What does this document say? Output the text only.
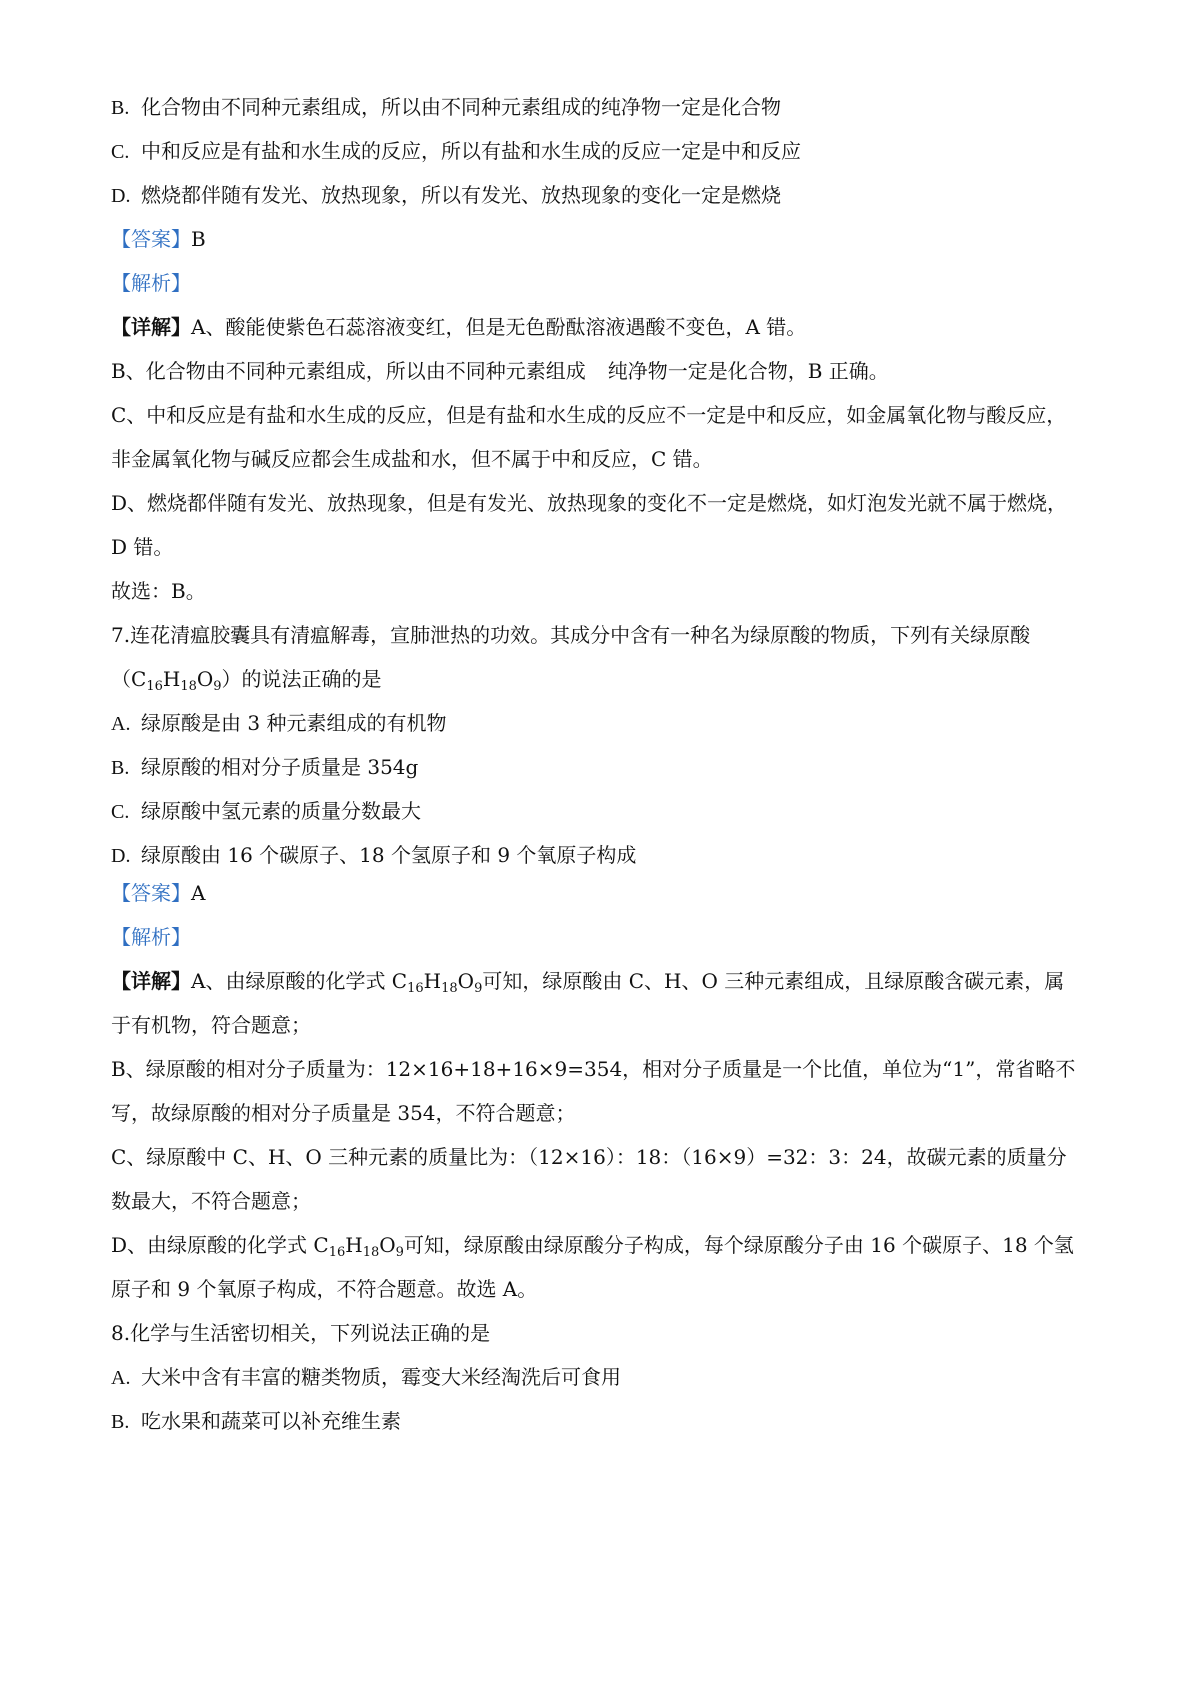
B. 化合物由不同种元素组成，所以由不同种元素组成的纯净物一定是化合物
C. 中和反应是有盐和水生成的反应，所以有盐和水生成的反应一定是中和反应
D. 燃烧都伴随有发光、放热现象，所以有发光、放热现象的变化一定是燃烧
【答案】B
【解析】
【详解】A、酸能使紫色石蕊溶液变红，但是无色酚酞溶液遇酸不变色，A 错。
B、化合物由不同种元素组成，所以由不同种元素组成 纯净物一定是化合物，B 正确。
C、中和反应是有盐和水生成的反应，但是有盐和水生成的反应不一定是中和反应，如金属氧化物与酸反应，
非金属氧化物与碱反应都会生成盐和水，但不属于中和反应，C 错。
D、燃烧都伴随有发光、放热现象，但是有发光、放热现象的变化不一定是燃烧，如灯泡发光就不属于燃烧，
D 错。
故选：B。
7.连花清瘟胶囊具有清瘟解毒，宣肺泄热的功效。其成分中含有一种名为绿原酸的物质，下列有关绿原酸
$(C_{16}H_{18}O_9)$的说法正确的是
A. 绿原酸是由 3 种元素组成的有机物
B. 绿原酸的相对分子质量是 354g
C. 绿原酸中氢元素的质量分数最大
D. 绿原酸由 16 个碳原子、18 个氢原子和 9 个氧原子构成
【答案】A
【解析】
【详解】A、由绿原酸的化学式 $C_{16}H_{18}O_9$可知，绿原酸由 C、H、O 三种元素组成，且绿原酸含碳元素，属
于有机物，符合题意；
B、绿原酸的相对分子质量为：12×16+18+16×9=354，相对分子质量是一个比值，单位为“1”，常省略不
写，故绿原酸的相对分子质量是 354，不符合题意；
C、绿原酸中 C、H、O 三种元素的质量比为：（12×16）：18：（16×9）=32：3：24，故碳元素的质量分
数最大，不符合题意；
D、由绿原酸的化学式 $C_{16}H_{18}O_9$可知，绿原酸由绿原酸分子构成，每个绿原酸分子由 16 个碳原子、18 个氢
原子和 9 个氧原子构成，不符合题意。故选 A。
8.化学与生活密切相关，下列说法正确的是
A. 大米中含有丰富的糖类物质，霉变大米经淘洗后可食用
B. 吃水果和蔬菜可以补充维生素
